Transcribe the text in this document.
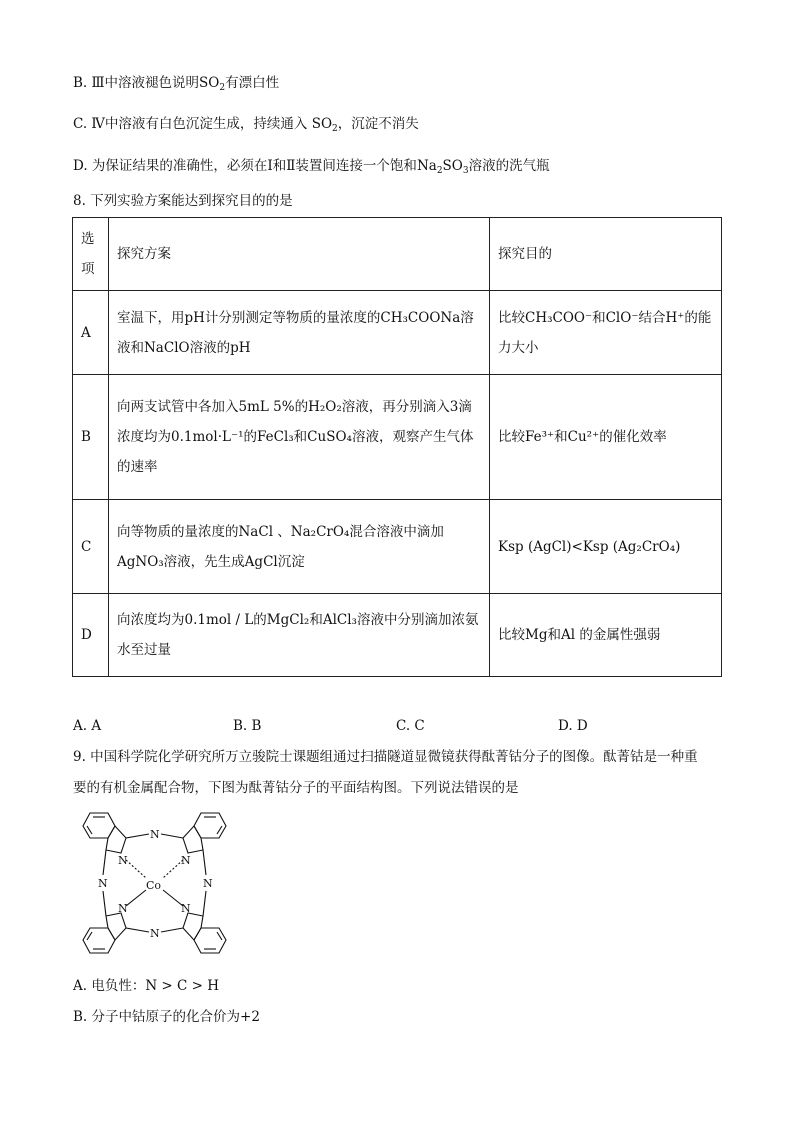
B. Ⅲ中溶液褪色说明$SO_2$有漂白性
C. Ⅳ中溶液有白色沉淀生成，持续通入 $SO_2$，沉淀不消失
D. 为保证结果的准确性，必须在Ⅰ和Ⅱ装置间连接一个饱和$Na_2SO_3$溶液的洗气瓶
8. 下列实验方案能达到探究目的的是
选项	探究方案	探究目的
A	室温下，用pH计分别测定等物质的量浓度的CH₃COONa溶液和NaClO溶液的pH	比较CH₃COO⁻和ClO⁻结合H⁺的能力大小
B	向两支试管中各加入5mL 5%的H₂O₂溶液，再分别滴入3滴浓度均为0.1mol·L⁻¹的FeCl₃和CuSO₄溶液，观察产生气体的速率	比较Fe³⁺和Cu²⁺的催化效率
C	向等物质的量浓度的NaCl 、Na₂CrO₄混合溶液中滴加AgNO₃溶液，先生成AgCl沉淀	Ksp (AgCl)<Ksp (Ag₂CrO₄)
D	向浓度均为0.1mol / L的MgCl₂和AlCl₃溶液中分别滴加浓氨水至过量	比较Mg和Al 的金属性强弱
A. A	B. B	C. C	D. D
9. 中国科学院化学研究所万立骏院士课题组通过扫描隧道显微镜获得酞菁钴分子的图像。酞菁钴是一种重
要的有机金属配合物，下图为酞菁钴分子的平面结构图。下列说法错误的是
N
N
N	N
N	N
N	N
Co
A. 电负性：N > C > H
B. 分子中钴原子的化合价为+2
